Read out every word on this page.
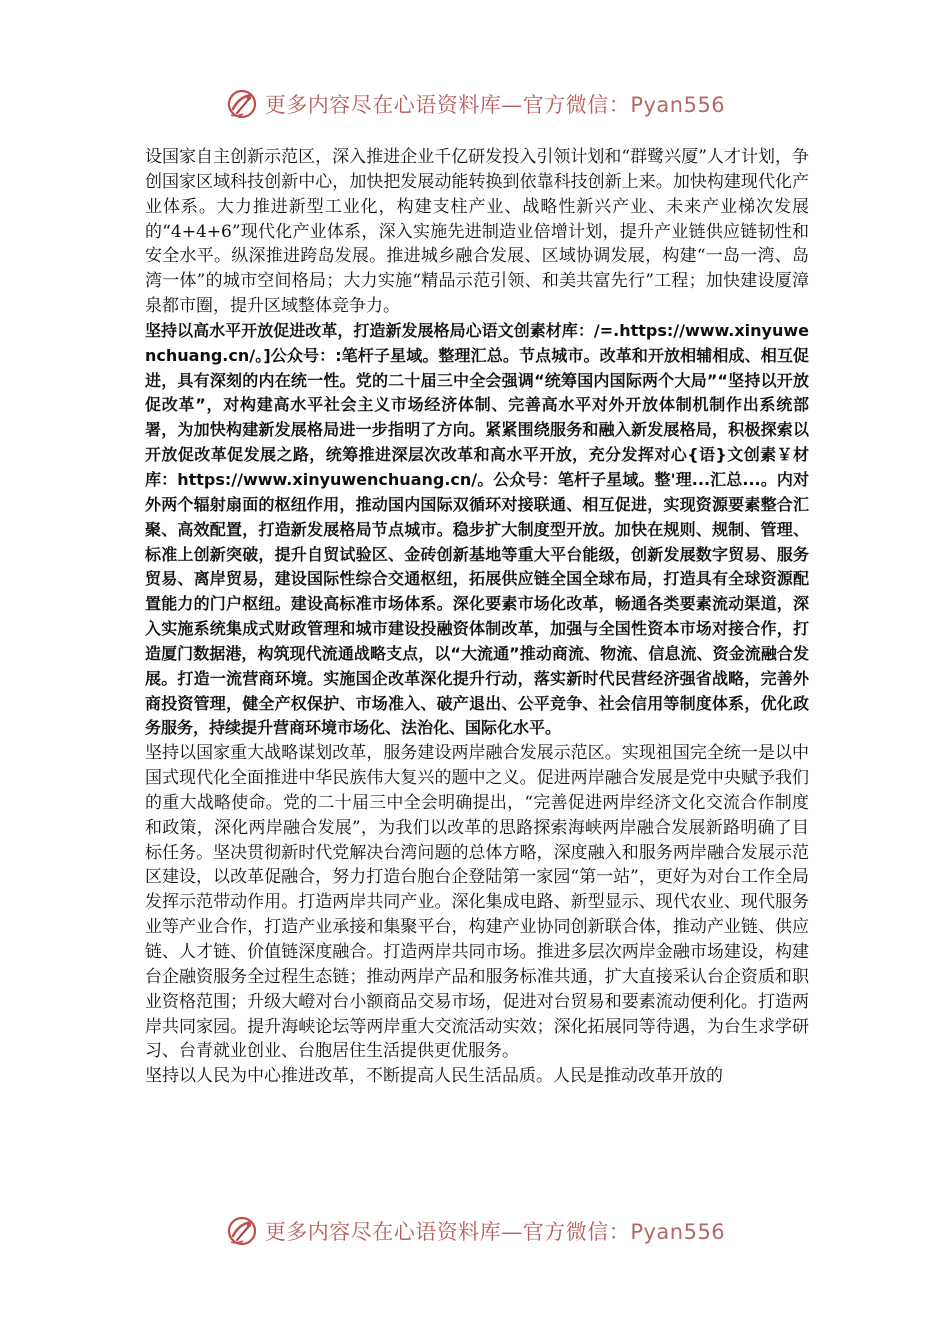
更多内容尽在心语资料库—官方微信：Pyan556

设国家自主创新示范区，深入推进企业千亿研发投入引领计划和“群鹭兴厦”人才计划，争创国家区域科技创新中心，加快把发展动能转换到依靠科技创新上来。加快构建现代化产业体系。大力推进新型工业化，构建支柱产业、战略性新兴产业、未来产业梯次发展的“4+4+6”现代化产业体系，深入实施先进制造业倍增计划，提升产业链供应链韧性和安全水平。纵深推进跨岛发展。推进城乡融合发展、区域协调发展，构建“一岛一湾、岛湾一体”的城市空间格局；大力实施“精品示范引领、和美共富先行”工程；加快建设厦漳泉都市圈，提升区域整体竞争力。

坚持以高水平开放促进改革，打造新发展格局心语文创素材库：/=.https://www.xinyuwenchuang.cn/。]公众号：:笔杆子星域。整理汇总。节点城市。改革和开放相辅相成、相互促进，具有深刻的内在统一性。党的二十届三中全会强调“统筹国内国际两个大局”“坚持以开放促改革”，对构建高水平社会主义市场经济体制、完善高水平对外开放体制机制作出系统部署，为加快构建新发展格局进一步指明了方向。紧紧围绕服务和融入新发展格局，积极探索以开放促改革促发展之路，统筹推进深层次改革和高水平开放，充分发挥对心{语}文创素￥材库：https://www.xinyuwenchuang.cn/。公众号：笔杆子星域。整'理...汇总...。内对外两个辐射扇面的枢纽作用，推动国内国际双循环对接联通、相互促进，实现资源要素整合汇聚、高效配置，打造新发展格局节点城市。稳步扩大制度型开放。加快在规则、规制、管理、标准上创新突破，提升自贸试验区、金砖创新基地等重大平台能级，创新发展数字贸易、服务贸易、离岸贸易，建设国际性综合交通枢纽，拓展供应链全国全球布局，打造具有全球资源配置能力的门户枢纽。建设高标准市场体系。深化要素市场化改革，畅通各类要素流动渠道，深入实施系统集成式财政管理和城市建设投融资体制改革，加强与全国性资本市场对接合作，打造厦门数据港，构筑现代流通战略支点，以“大流通”推动商流、物流、信息流、资金流融合发展。打造一流营商环境。实施国企改革深化提升行动，落实新时代民营经济强省战略，完善外商投资管理，健全产权保护、市场准入、破产退出、公平竞争、社会信用等制度体系，优化政务服务，持续提升营商环境市场化、法治化、国际化水平。

坚持以国家重大战略谋划改革，服务建设两岸融合发展示范区。实现祖国完全统一是以中国式现代化全面推进中华民族伟大复兴的题中之义。促进两岸融合发展是党中央赋予我们的重大战略使命。党的二十届三中全会明确提出，“完善促进两岸经济文化交流合作制度和政策，深化两岸融合发展”，为我们以改革的思路探索海峡两岸融合发展新路明确了目标任务。坚决贯彻新时代党解决台湾问题的总体方略，深度融入和服务两岸融合发展示范区建设，以改革促融合，努力打造台胞台企登陆第一家园“第一站”，更好为对台工作全局发挥示范带动作用。打造两岸共同产业。深化集成电路、新型显示、现代农业、现代服务业等产业合作，打造产业承接和集聚平台，构建产业协同创新联合体，推动产业链、供应链、人才链、价值链深度融合。打造两岸共同市场。推进多层次两岸金融市场建设，构建台企融资服务全过程生态链；推动两岸产品和服务标准共通，扩大直接采认台企资质和职业资格范围；升级大嶝对台小额商品交易市场，促进对台贸易和要素流动便利化。打造两岸共同家园。提升海峡论坛等两岸重大交流活动实效；深化拓展同等待遇，为台生求学研习、台青就业创业、台胞居住生活提供更优服务。

坚持以人民为中心推进改革，不断提高人民生活品质。人民是推动改革开放的

更多内容尽在心语资料库—官方微信：Pyan556
